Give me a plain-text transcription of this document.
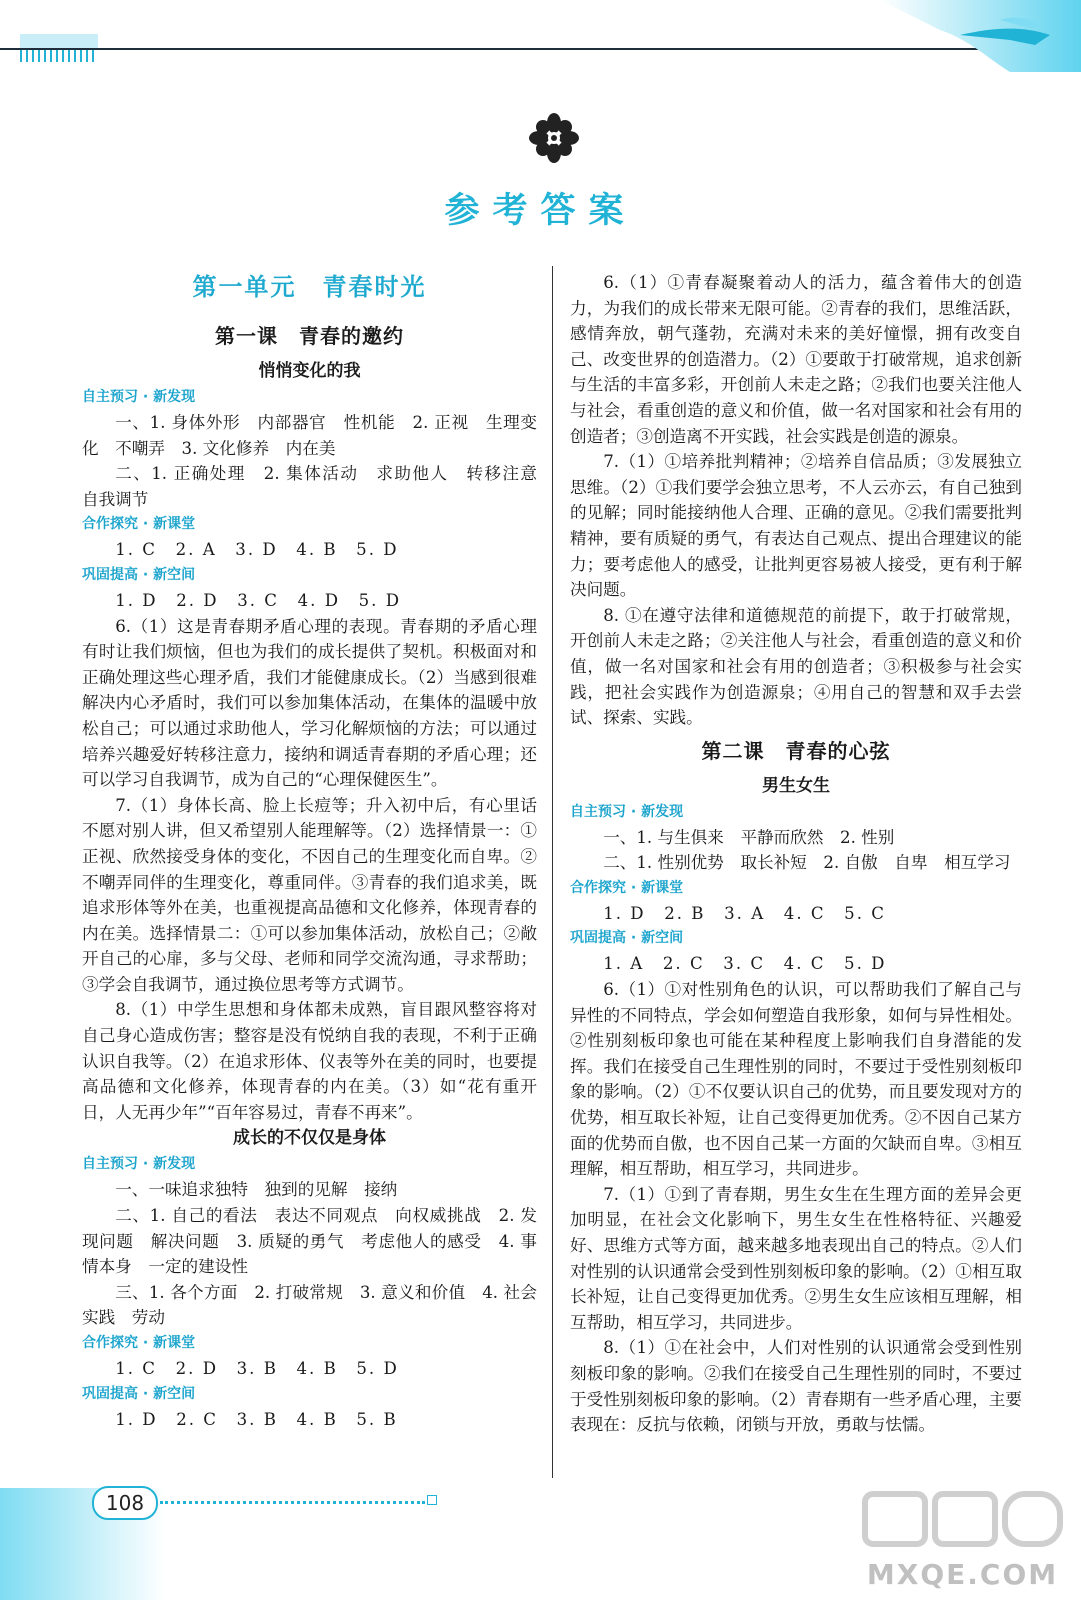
参考答案
第一单元　青春时光
第一课　青春的邀约
悄悄变化的我
自主预习 · 新发现
一、1. 身体外形　内部器官　性机能　2. 正视　生理变化　不嘲弄　3. 文化修养　内在美
二、1. 正确处理　2. 集体活动　求助他人　转移注意　自我调节
合作探究 · 新课堂
1. C　2. A　3. D　4. B　5. D
巩固提高 · 新空间
1. D　2. D　3. C　4. D　5. D
6.（1）这是青春期矛盾心理的表现。青春期的矛盾心理有时让我们烦恼，但也为我们的成长提供了契机。积极面对和正确处理这些心理矛盾，我们才能健康成长。（2）当感到很难解决内心矛盾时，我们可以参加集体活动，在集体的温暖中放松自己；可以通过求助他人，学习化解烦恼的方法；可以通过培养兴趣爱好转移注意力，接纳和调适青春期的矛盾心理；还可以学习自我调节，成为自己的“心理保健医生”。
7.（1）身体长高、脸上长痘等；升入初中后，有心里话不愿对别人讲，但又希望别人能理解等。（2）选择情景一：①正视、欣然接受身体的变化，不因自己的生理变化而自卑。②不嘲弄同伴的生理变化，尊重同伴。③青春的我们追求美，既追求形体等外在美，也重视提高品德和文化修养，体现青春的内在美。选择情景二：①可以参加集体活动，放松自己；②敞开自己的心扉，多与父母、老师和同学交流沟通，寻求帮助；③学会自我调节，通过换位思考等方式调节。
8.（1）中学生思想和身体都未成熟，盲目跟风整容将对自己身心造成伤害；整容是没有悦纳自我的表现，不利于正确认识自我等。（2）在追求形体、仪表等外在美的同时，也要提高品德和文化修养，体现青春的内在美。（3）如“花有重开日，人无再少年”“百年容易过，青春不再来”。
成长的不仅仅是身体
自主预习 · 新发现
一、一味追求独特　独到的见解　接纳
二、1. 自己的看法　表达不同观点　向权威挑战　2. 发现问题　解决问题　3. 质疑的勇气　考虑他人的感受　4. 事情本身　一定的建设性
三、1. 各个方面　2. 打破常规　3. 意义和价值　4. 社会实践　劳动
合作探究 · 新课堂
1. C　2. D　3. B　4. B　5. D
巩固提高 · 新空间
1. D　2. C　3. B　4. B　5. B
6.（1）①青春凝聚着动人的活力，蕴含着伟大的创造力，为我们的成长带来无限可能。②青春的我们，思维活跃，感情奔放，朝气蓬勃，充满对未来的美好憧憬，拥有改变自己、改变世界的创造潜力。（2）①要敢于打破常规，追求创新与生活的丰富多彩，开创前人未走之路；②我们也要关注他人与社会，看重创造的意义和价值，做一名对国家和社会有用的创造者；③创造离不开实践，社会实践是创造的源泉。
7.（1）①培养批判精神；②培养自信品质；③发展独立思维。（2）①我们要学会独立思考，不人云亦云，有自己独到的见解；同时能接纳他人合理、正确的意见。②我们需要批判精神，要有质疑的勇气，有表达自己观点、提出合理建议的能力；要考虑他人的感受，让批判更容易被人接受，更有利于解决问题。
8. ①在遵守法律和道德规范的前提下，敢于打破常规，开创前人未走之路；②关注他人与社会，看重创造的意义和价值，做一名对国家和社会有用的创造者；③积极参与社会实践，把社会实践作为创造源泉；④用自己的智慧和双手去尝试、探索、实践。
第二课　青春的心弦
男生女生
自主预习 · 新发现
一、1. 与生俱来　平静而欣然　2. 性别
二、1. 性别优势　取长补短　2. 自傲　自卑　相互学习
合作探究 · 新课堂
1. D　2. B　3. A　4. C　5. C
巩固提高 · 新空间
1. A　2. C　3. C　4. C　5. D
6.（1）①对性别角色的认识，可以帮助我们了解自己与异性的不同特点，学会如何塑造自我形象，如何与异性相处。②性别刻板印象也可能在某种程度上影响我们自身潜能的发挥。我们在接受自己生理性别的同时，不要过于受性别刻板印象的影响。（2）①不仅要认识自己的优势，而且要发现对方的优势，相互取长补短，让自己变得更加优秀。②不因自己某方面的优势而自傲，也不因自己某一方面的欠缺而自卑。③相互理解，相互帮助，相互学习，共同进步。
7.（1）①到了青春期，男生女生在生理方面的差异会更加明显，在社会文化影响下，男生女生在性格特征、兴趣爱好、思维方式等方面，越来越多地表现出自己的特点。②人们对性别的认识通常会受到性别刻板印象的影响。（2）①相互取长补短，让自己变得更加优秀。②男生女生应该相互理解，相互帮助，相互学习，共同进步。
8.（1）①在社会中，人们对性别的认识通常会受到性别刻板印象的影响。②我们在接受自己生理性别的同时，不要过于受性别刻板印象的影响。（2）青春期有一些矛盾心理，主要表现在：反抗与依赖，闭锁与开放，勇敢与怯懦。
108
MXQE.COM
